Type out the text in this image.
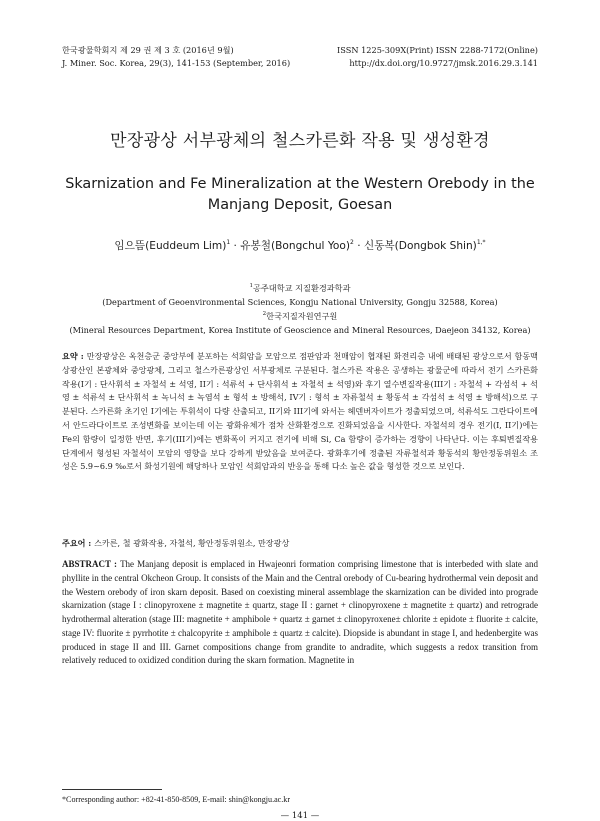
한국광물학회지 제 29 권 제 3 호 (2016년 9월)
J. Miner. Soc. Korea, 29(3), 141-153 (September, 2016)
ISSN 1225-309X(Print) ISSN 2288-7172(Online)
http://dx.doi.org/10.9727/jmsk.2016.29.3.141
만장광상 서부광체의 철스카른화 작용 및 생성환경
Skarnization and Fe Mineralization at the Western Orebody in the Manjang Deposit, Goesan
임으뜸(Euddeum Lim)$^1$ · 유봉철(Bongchul Yoo)$^2$ · 신동복(Dongbok Shin)$^{1,*}$
$^1$공주대학교 지질환경과학과
(Department of Geoenvironmental Sciences, Kongju National University, Gongju 32588, Korea)
$^2$한국지질자원연구원
(Mineral Resources Department, Korea Institute of Geoscience and Mineral Resources, Daejeon 34132, Korea)
요약 : 만장광상은 옥천층군 중앙부에 분포하는 석회암을 모암으로 점판암과 천매암이 협재된 화전리층 내에 배태된 광상으로서 함동맥상광산인 본광체와 중앙광체, 그리고 철스카른광상인 서부광체로 구분된다. 철스카른 작용은 공생하는 광물군에 따라서 전기 스카른화 작용(I기 : 단사휘석 ± 자철석 ± 석영, II기 : 석류석 + 단사휘석 ± 자철석 ± 석영)와 후기 열수변질작용(III기 : 자철석 + 각섬석 + 석영 ± 석류석 ± 단사휘석 ± 녹니석 ± 녹염석 ± 형석 ± 방해석, IV기 : 형석 ± 자류철석 ± 황동석 ± 각섬석 ± 석영 ± 방해석)으로 구분된다. 스카른화 초기인 I기에는 투휘석이 다량 산출되고, II기와 III기에 와서는 헤덴버자이트가 정출되었으며, 석류석도 그란다이트에서 안드라다이트로 조성변화를 보이는데 이는 광화유체가 점차 산화환경으로 진화되었음을 시사한다. 자철석의 경우 전기(I, II기)에는 Fe의 함량이 일정한 반면, 후기(III기)에는 변화폭이 커지고 전기에 비해 Si, Ca 함량이 증가하는 경향이 나타난다. 이는 후퇴변질작용단계에서 형성된 자철석이 모암의 영향을 보다 강하게 받았음을 보여준다. 광화후기에 정출된 자류철석과 황동석의 황안정동위원소 조성은 5.9~6.9 ‰로서 화성기원에 해당하나 모암인 석회암과의 반응을 통해 다소 높은 값을 형성한 것으로 보인다.
주요어 : 스카른, 철 광화작용, 자철석, 황안정동위원소, 만장광상
ABSTRACT : The Manjang deposit is emplaced in Hwajeonri formation comprising limestone that is interbeded with slate and phyllite in the central Okcheon Group. It consists of the Main and the Central orebody of Cu-bearing hydrothermal vein deposit and the Western orebody of iron skarn deposit. Based on coexisting mineral assemblage the skarnization can be divided into prograde skarnization (stage I : clinopyroxene ± magnetite ± quartz, stage II : garnet + clinopyroxene ± magnetite ± quartz) and retrograde hydrothermal alteration (stage III: magnetite + amphibole + quartz ± garnet ± clinopyroxene± chlorite ± epidote ± fluorite ± calcite, stage IV: fluorite ± pyrrhotite ± chalcopyrite ± amphibole ± quartz ± calcite). Diopside is abundant in stage I, and hedenbergite was produced in stage II and III. Garnet compositions change from grandite to andradite, which suggests a redox transition from relatively reduced to oxidized condition during the skarn formation. Magnetite in
*Corresponding author: +82-41-850-8509, E-mail: shin@kongju.ac.kr
— 141 —
